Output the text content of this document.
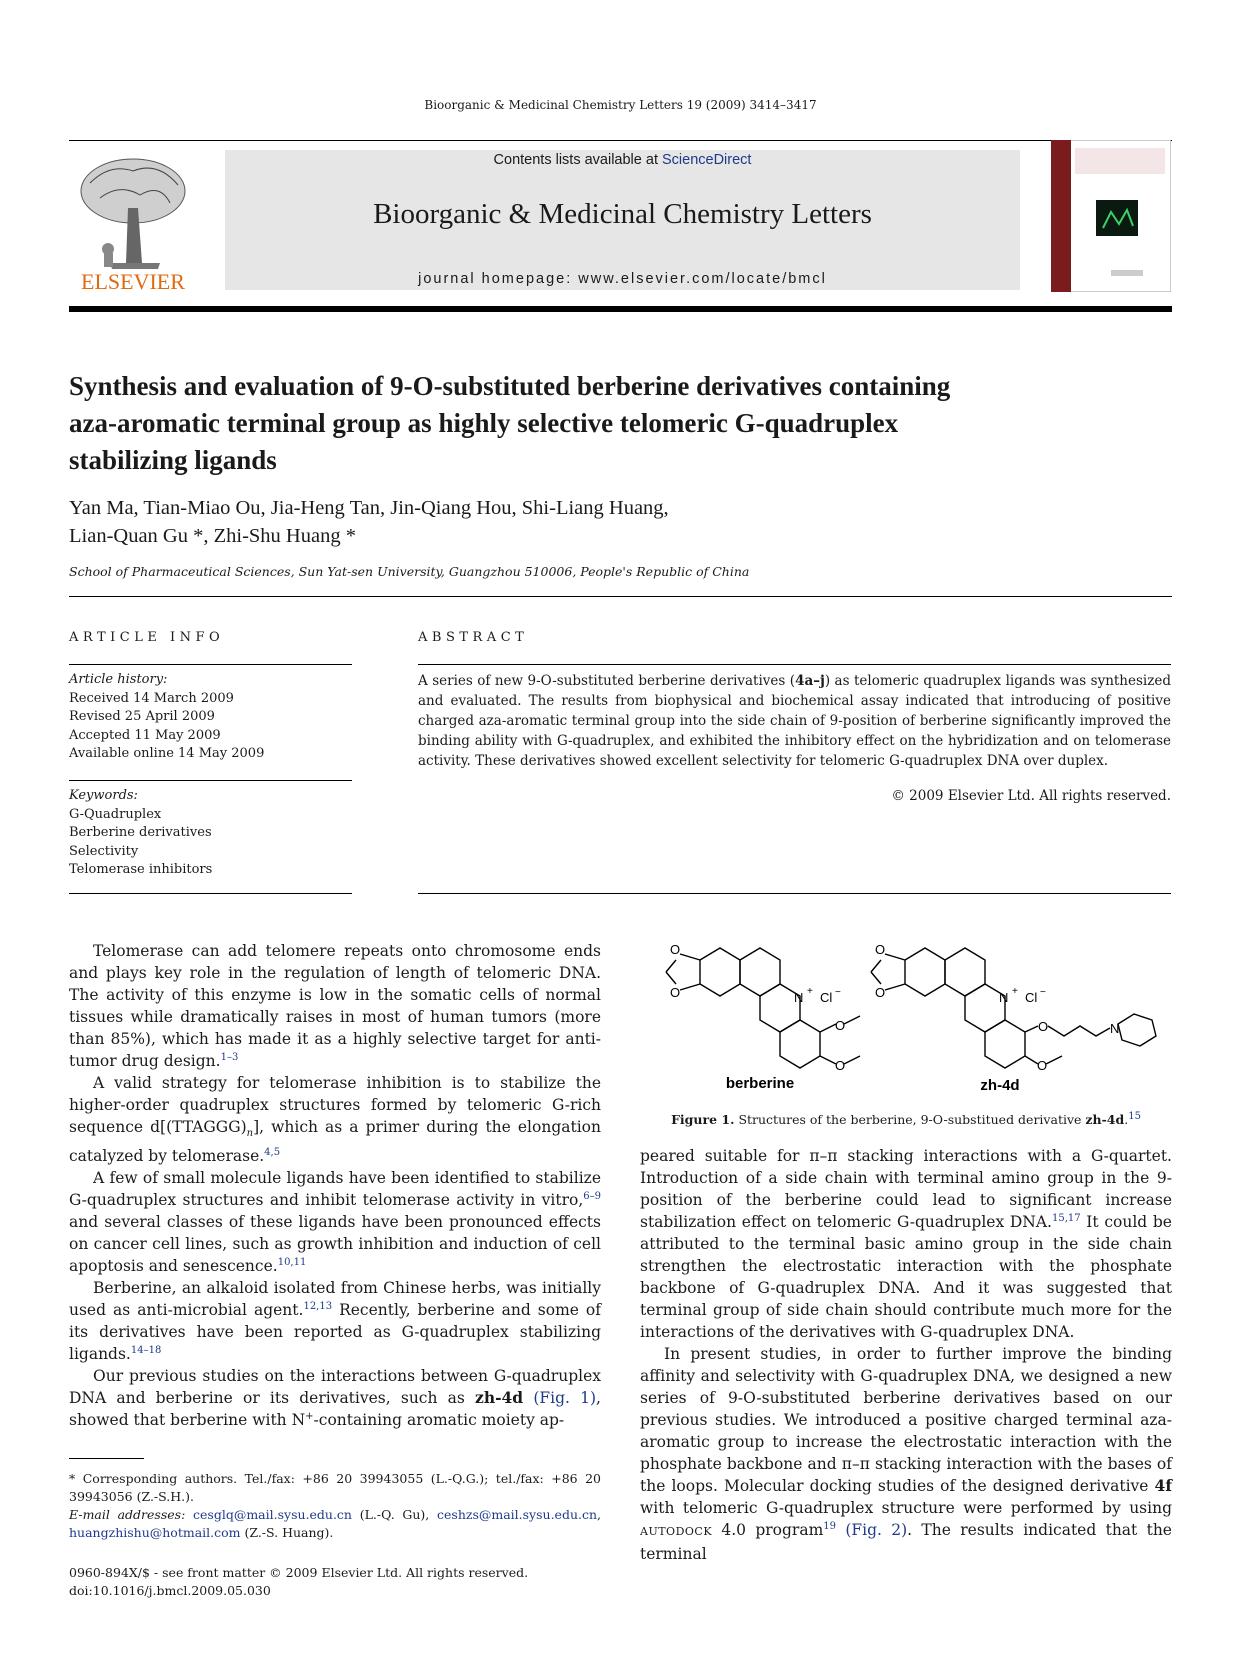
Bioorganic & Medicinal Chemistry Letters 19 (2009) 3414–3417
ELSEVIER
Contents lists available at ScienceDirect
Bioorganic & Medicinal Chemistry Letters
journal homepage: www.elsevier.com/locate/bmcl
Synthesis and evaluation of 9-O-substituted berberine derivatives containing
aza-aromatic terminal group as highly selective telomeric G-quadruplex
stabilizing ligands
Yan Ma, Tian-Miao Ou, Jia-Heng Tan, Jin-Qiang Hou, Shi-Liang Huang,
Lian-Quan Gu *, Zhi-Shu Huang *
School of Pharmaceutical Sciences, Sun Yat-sen University, Guangzhou 510006, People's Republic of China
ARTICLE INFO
Article history:
Received 14 March 2009
Revised 25 April 2009
Accepted 11 May 2009
Available online 14 May 2009
Keywords:
G-Quadruplex
Berberine derivatives
Selectivity
Telomerase inhibitors
ABSTRACT
A series of new 9-O-substituted berberine derivatives (4a–j) as telomeric quadruplex ligands was synthesized and evaluated. The results from biophysical and biochemical assay indicated that introducing of positive charged aza-aromatic terminal group into the side chain of 9-position of berberine significantly improved the binding ability with G-quadruplex, and exhibited the inhibitory effect on the hybridization and on telomerase activity. These derivatives showed excellent selectivity for telomeric G-quadruplex DNA over duplex.
© 2009 Elsevier Ltd. All rights reserved.

Telomerase can add telomere repeats onto chromosome ends and plays key role in the regulation of length of telomeric DNA. The activity of this enzyme is low in the somatic cells of normal tissues while dramatically raises in most of human tumors (more than 85%), which has made it as a highly selective target for anti-tumor drug design.$^{1-3}$

A valid strategy for telomerase inhibition is to stabilize the higher-order quadruplex structures formed by telomeric G-rich sequence $d[(TTAGGG)_n]$, which as a primer during the elongation catalyzed by telomerase.$^{4,5}$

A few of small molecule ligands have been identified to stabilize G-quadruplex structures and inhibit telomerase activity in vitro,$^{6-9}$ and several classes of these ligands have been pronounced effects on cancer cell lines, such as growth inhibition and induction of cell apoptosis and senescence.$^{10,11}$

Berberine, an alkaloid isolated from Chinese herbs, was initially used as anti-microbial agent.$^{12,13}$ Recently, berberine and some of its derivatives have been reported as G-quadruplex stabilizing ligands.$^{14-18}$

Our previous studies on the interactions between G-quadruplex DNA and berberine or its derivatives, such as zh-4d (Fig. 1), showed that berberine with N+-containing aromatic moiety ap-

* Corresponding authors. Tel./fax: +86 20 39943055 (L.-Q.G.); tel./fax: +86 20 39943056 (Z.-S.H.).
E-mail addresses: cesglq@mail.sysu.edu.cn (L.-Q. Gu), ceshzs@mail.sysu.edu.cn, huangzhishu@hotmail.com (Z.-S. Huang).
0960-894X/$ - see front matter © 2009 Elsevier Ltd. All rights reserved.
doi:10.1016/j.bmcl.2009.05.030
O
O	N + Cl −
O
O
O
O	N + Cl −
O	N
O
berberine	zh-4d
Figure 1. Structures of the berberine, 9-O-substitued derivative zh-4d.$^{15}$

peared suitable for π–π stacking interactions with a G-quartet. Introduction of a side chain with terminal amino group in the 9-position of the berberine could lead to significant increase stabilization effect on telomeric G-quadruplex DNA.$^{15,17}$ It could be attributed to the terminal basic amino group in the side chain strengthen the electrostatic interaction with the phosphate backbone of G-quadruplex DNA. And it was suggested that terminal group of side chain should contribute much more for the interactions of the derivatives with G-quadruplex DNA.

In present studies, in order to further improve the binding affinity and selectivity with G-quadruplex DNA, we designed a new series of 9-O-substituted berberine derivatives based on our previous studies. We introduced a positive charged terminal aza-aromatic group to increase the electrostatic interaction with the phosphate backbone and π–π stacking interaction with the bases of the loops. Molecular docking studies of the designed derivative 4f with telomeric G-quadruplex structure were performed by using AUTODOCK 4.0 program$^{19}$ (Fig. 2). The results indicated that the terminal
